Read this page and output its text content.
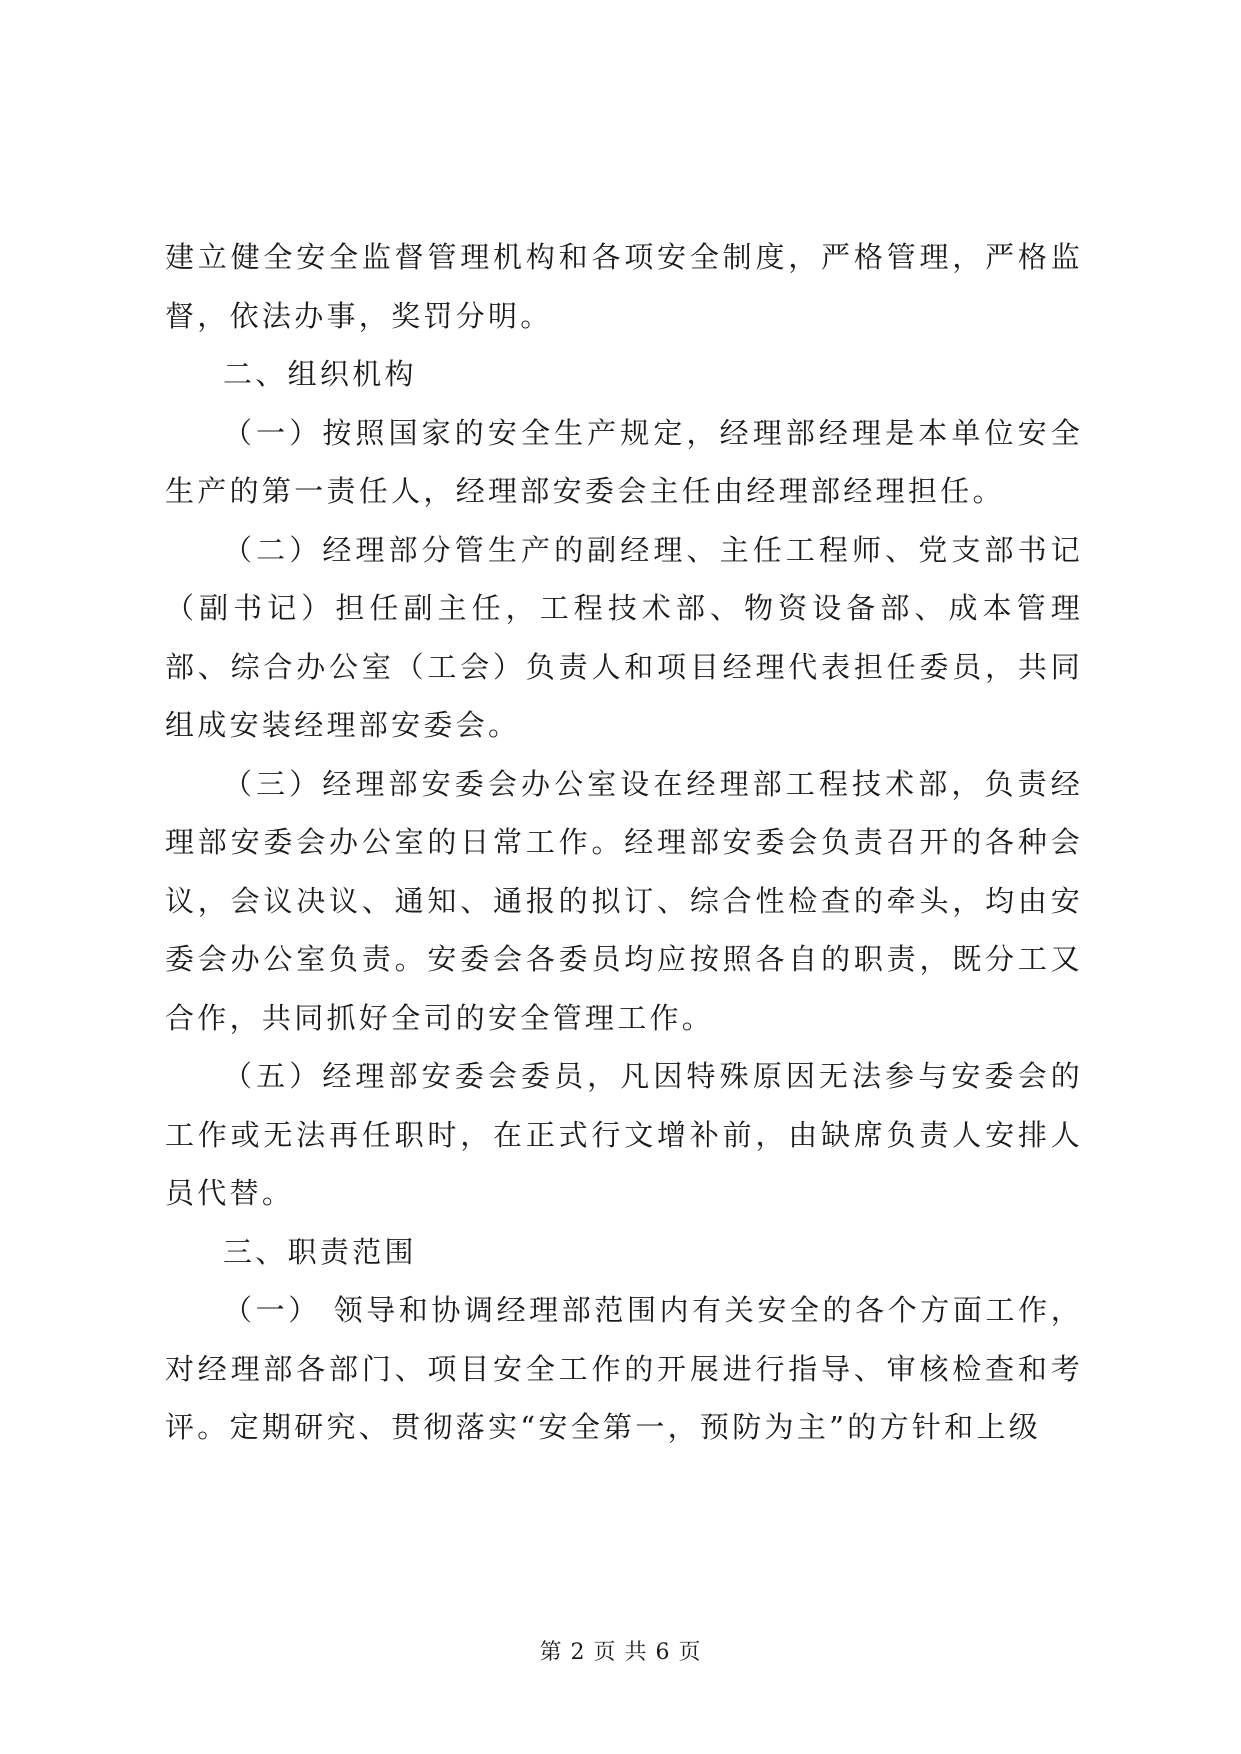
建立健全安全监督管理机构和各项安全制度，严格管理，严格监督，依法办事，奖罚分明。

二、组织机构

（一）按照国家的安全生产规定，经理部经理是本单位安全生产的第一责任人，经理部安委会主任由经理部经理担任。

（二）经理部分管生产的副经理、主任工程师、党支部书记（副书记）担任副主任，工程技术部、物资设备部、成本管理部、综合办公室（工会）负责人和项目经理代表担任委员，共同组成安装经理部安委会。

（三）经理部安委会办公室设在经理部工程技术部，负责经理部安委会办公室的日常工作。经理部安委会负责召开的各种会议，会议决议、通知、通报的拟订、综合性检查的牵头，均由安委会办公室负责。安委会各委员均应按照各自的职责，既分工又合作，共同抓好全司的安全管理工作。

（五）经理部安委会委员，凡因特殊原因无法参与安委会的工作或无法再任职时，在正式行文增补前，由缺席负责人安排人员代替。

三、职责范围

（一） 领导和协调经理部范围内有关安全的各个方面工作，对经理部各部门、项目安全工作的开展进行指导、审核检查和考评。定期研究、贯彻落实“安全第一，预防为主”的方针和上级

第 2 页 共 6 页
